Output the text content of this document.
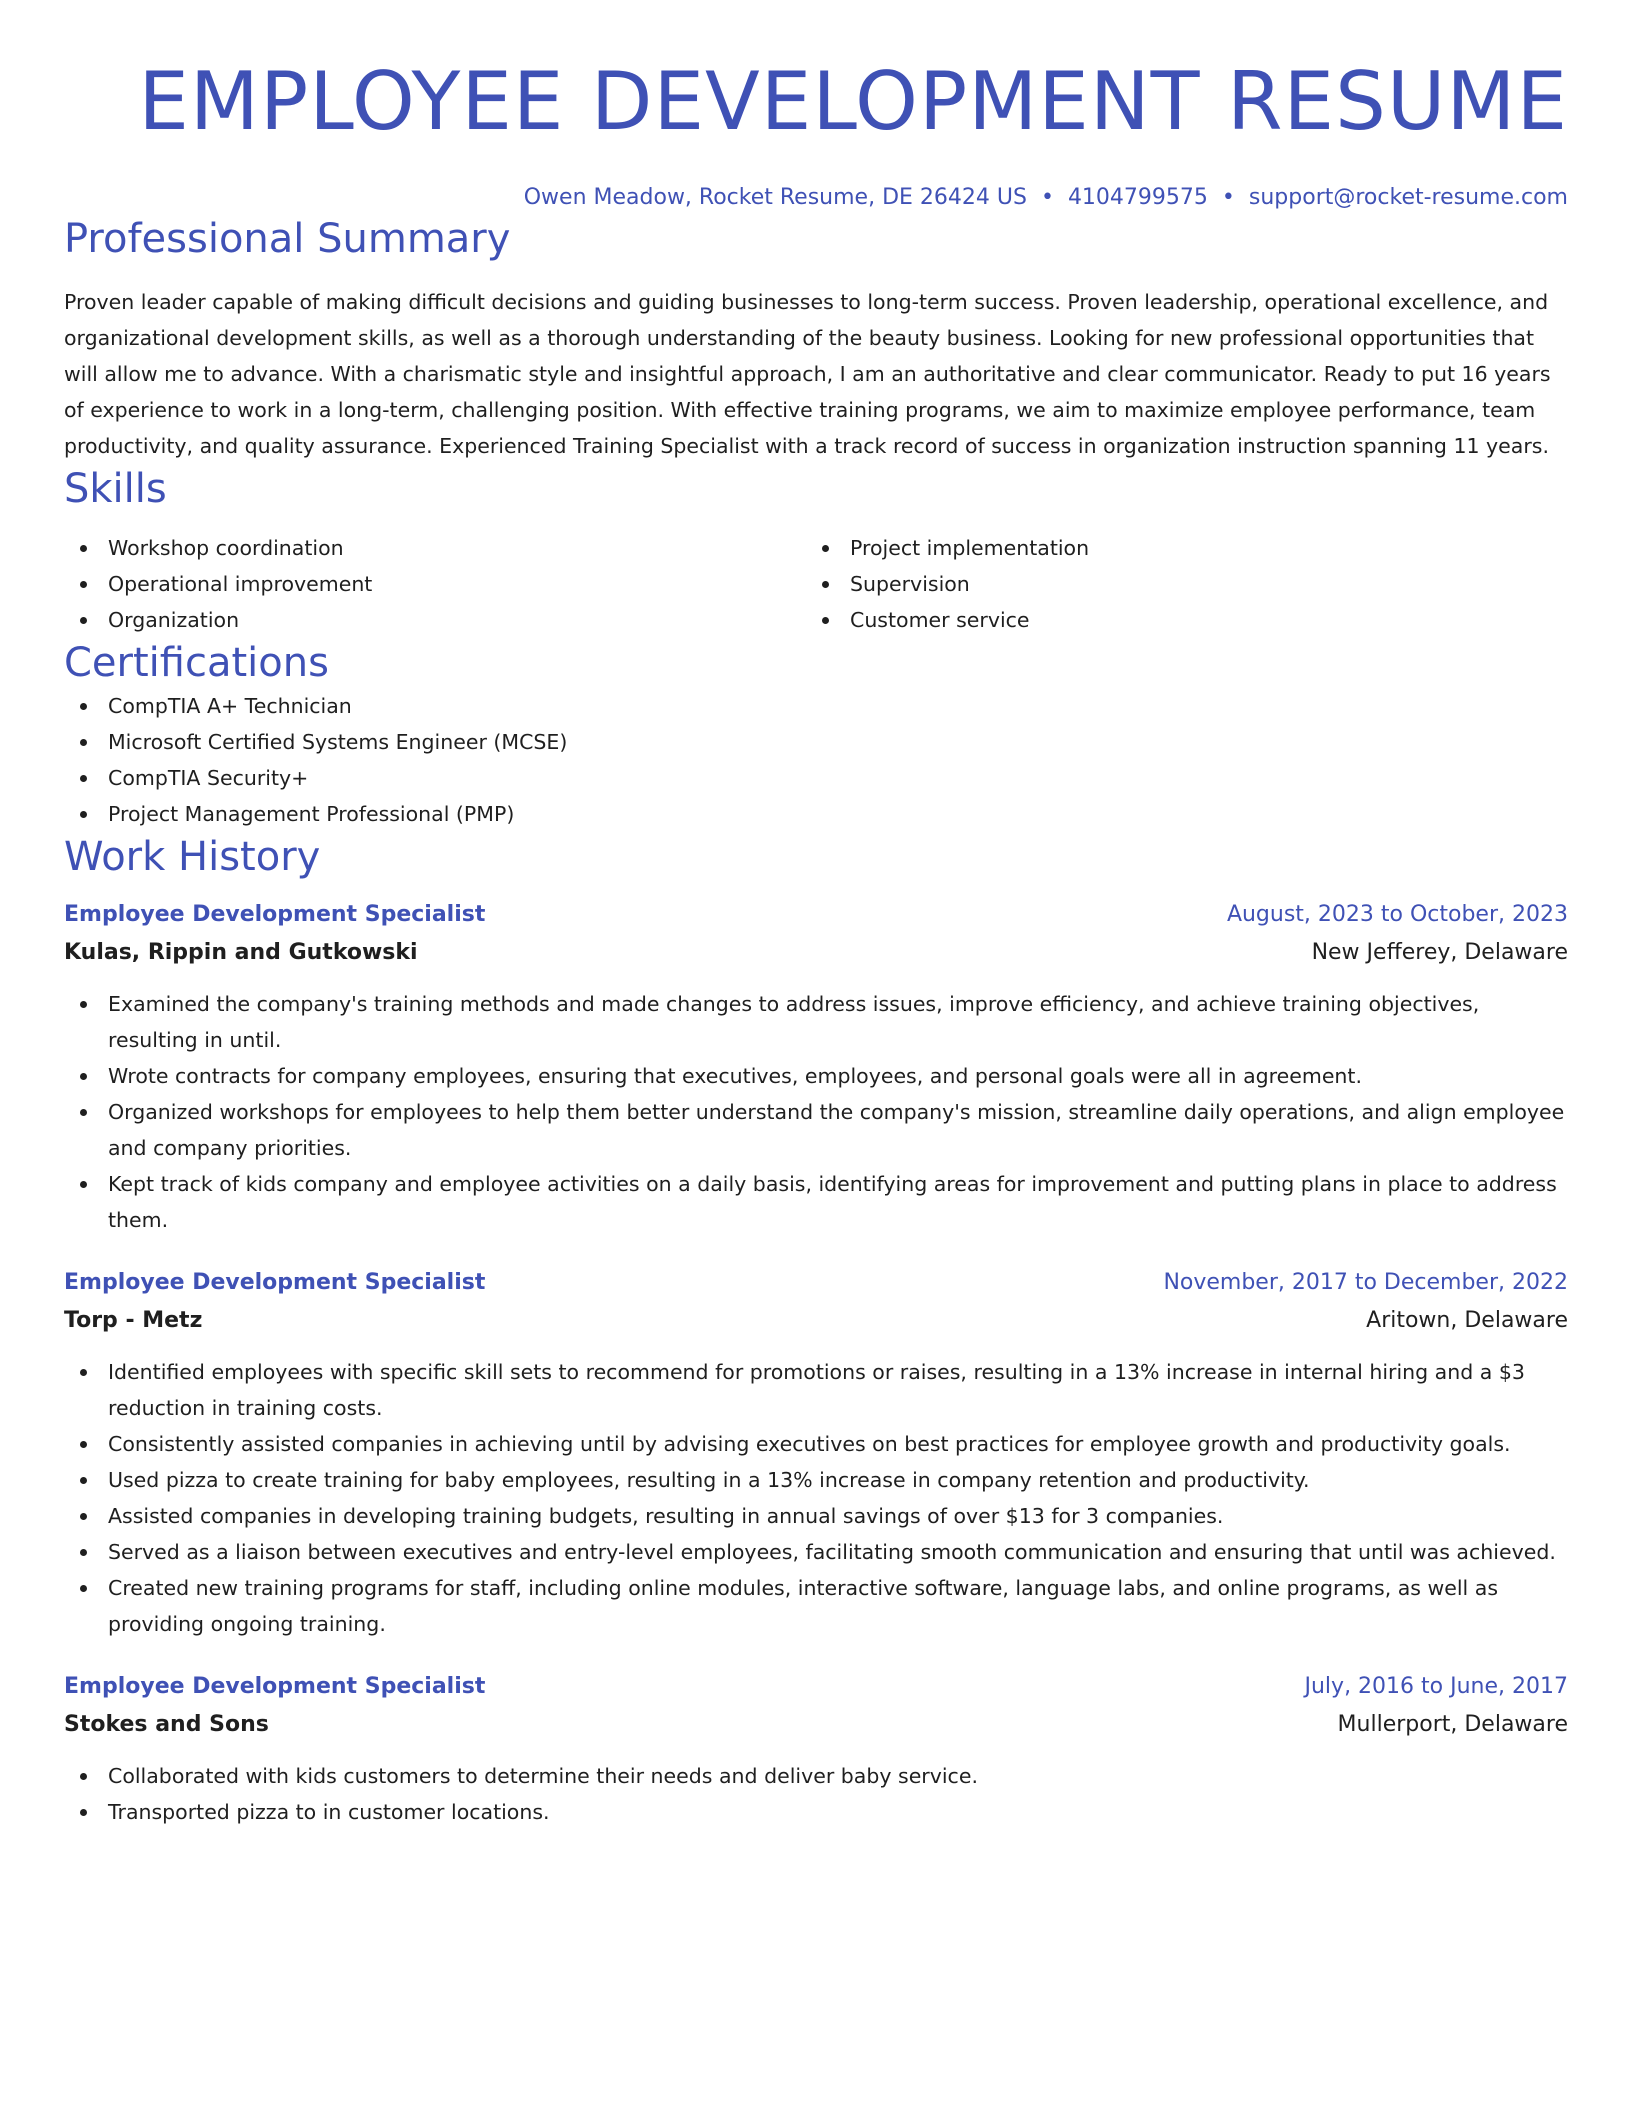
EMPLOYEE DEVELOPMENT RESUME
Owen Meadow, Rocket Resume, DE 26424 US • 4104799575 • support@rocket-resume.com
Professional Summary

Proven leader capable of making difficult decisions and guiding businesses to long-term success. Proven leadership, operational excellence, and organizational development skills, as well as a thorough understanding of the beauty business. Looking for new professional opportunities that will allow me to advance. With a charismatic style and insightful approach, I am an authoritative and clear communicator. Ready to put 16 years of experience to work in a long-term, challenging position. With effective training programs, we aim to maximize employee performance, team productivity, and quality assurance. Experienced Training Specialist with a track record of success in organization instruction spanning 11 years.

Skills
Workshop coordination
Operational improvement
Organization
Project implementation
Supervision
Customer service
Certifications
CompTIA A+ Technician
Microsoft Certified Systems Engineer (MCSE)
CompTIA Security+
Project Management Professional (PMP)
Work History
Employee Development Specialist	August, 2023 to October, 2023
Kulas, Rippin and Gutkowski	New Jefferey, Delaware
Examined the company's training methods and made changes to address issues, improve efficiency, and achieve training objectives, resulting in until.
Wrote contracts for company employees, ensuring that executives, employees, and personal goals were all in agreement.
Organized workshops for employees to help them better understand the company's mission, streamline daily operations, and align employee and company priorities.
Kept track of kids company and employee activities on a daily basis, identifying areas for improvement and putting plans in place to address them.
Employee Development Specialist	November, 2017 to December, 2022
Torp - Metz	Aritown, Delaware
Identified employees with specific skill sets to recommend for promotions or raises, resulting in a 13% increase in internal hiring and a $3 reduction in training costs.
Consistently assisted companies in achieving until by advising executives on best practices for employee growth and productivity goals.
Used pizza to create training for baby employees, resulting in a 13% increase in company retention and productivity.
Assisted companies in developing training budgets, resulting in annual savings of over $13 for 3 companies.
Served as a liaison between executives and entry-level employees, facilitating smooth communication and ensuring that until was achieved.
Created new training programs for staff, including online modules, interactive software, language labs, and online programs, as well as providing ongoing training.
Employee Development Specialist	July, 2016 to June, 2017
Stokes and Sons	Mullerport, Delaware
Collaborated with kids customers to determine their needs and deliver baby service.
Transported pizza to in customer locations.
